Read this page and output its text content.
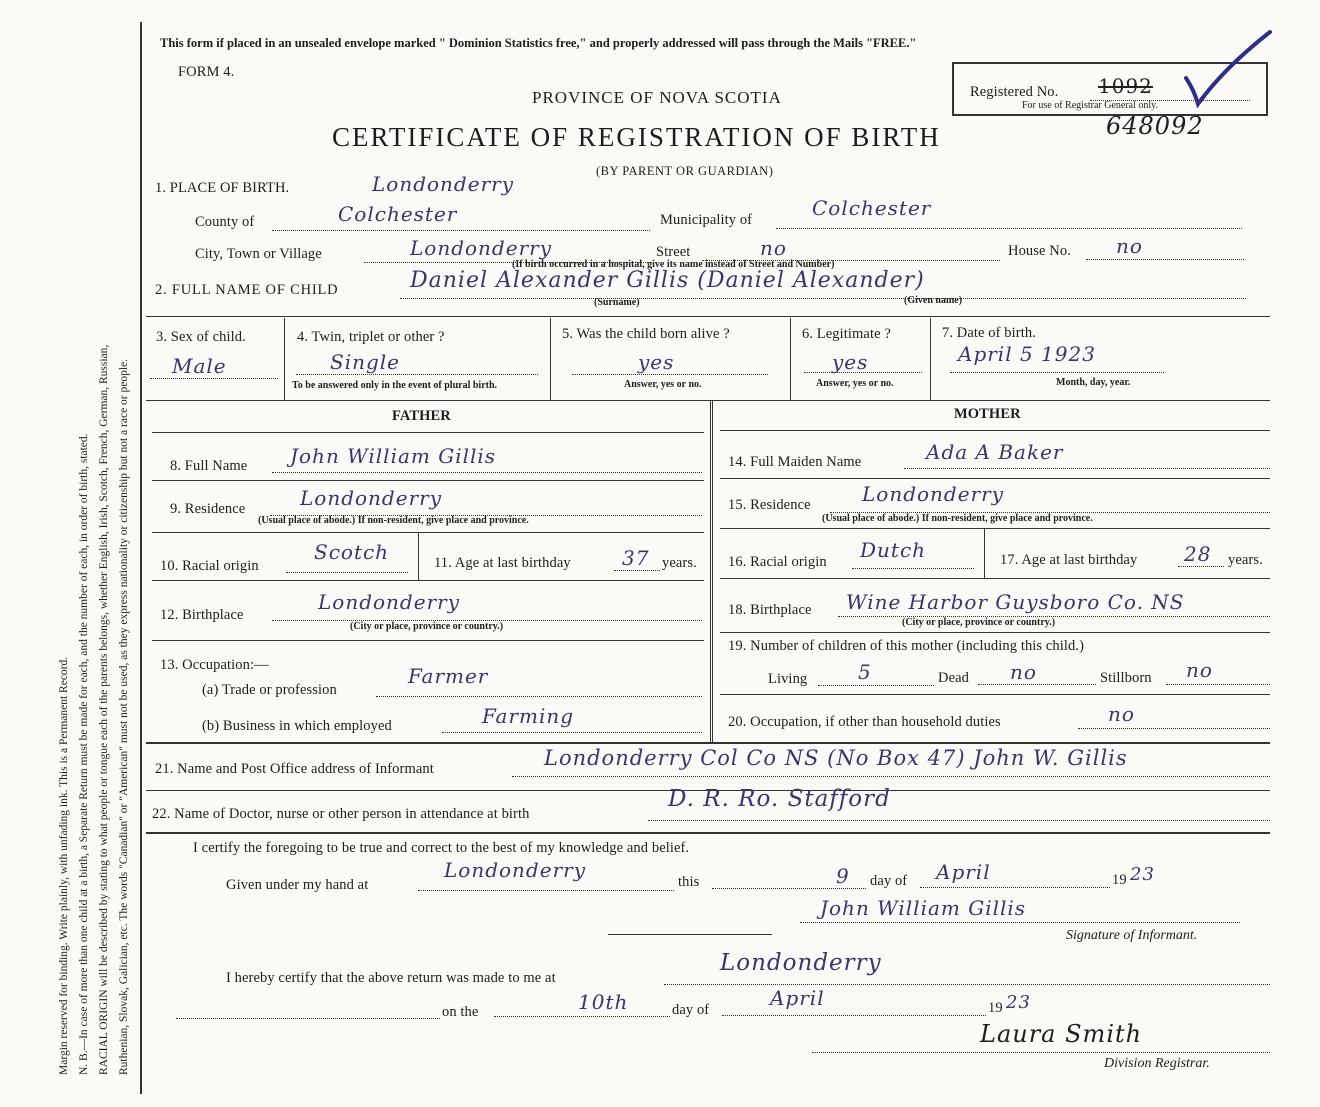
Margin reserved for binding. Write plainly, with unfading ink. This is a Permanent Record. N. B.—In case of more than one child at a birth, a Separate Return must be made for each, and the number of each, in order of birth, stated. RACIAL ORIGIN will be described by stating to what people or tongue each of the parents belongs, whether English, Irish, Scotch, French, German, Russian, Ruthenian, Slovak, Galician, etc. The words "Canadian" or "American" must not be used, as they express nationality or citizenship but not a race or people.
This form if placed in an unsealed envelope marked " Dominion Statistics free," and properly addressed will pass through the Mails "FREE."
FORM 4.
PROVINCE OF NOVA SCOTIA
CERTIFICATE OF REGISTRATION OF BIRTH
(BY PARENT OR GUARDIAN)
Registered No. 1092
For use of Registrar General only.
648092
1. PLACE OF BIRTH.	Londonderry
County of	Colchester	Municipality of	Colchester
City, Town or Village	Londonderry	Street	no	House No. no
(If birth occurred in a hospital, give its name instead of Street and Number)
2. FULL NAME OF CHILD	Daniel Alexander Gillis (Daniel Alexander)
(Surname)	(Given name)
3. Sex of child.
Male
4. Twin, triplet or other ?
Single
To be answered only in the event of plural birth.
5. Was the child born alive ?
yes
Answer, yes or no.
6. Legitimate ?
yes
Answer, yes or no.
7. Date of birth.
April 5 1923
Month, day, year.
FATHER	MOTHER
8. Full Name John William Gillis
9. Residence	Londonderry
(Usual place of abode.) If non-resident, give place and province.
10. Racial origin
Scotch	11. Age at last birthday	37 years.
12. Birthplace
Londonderry
(City or place, province or country.)
13. Occupation:—
(a) Trade or profession
Farmer
(b) Business in which employed	Farming
14. Full Maiden Name	Ada A Baker
15. Residence	Londonderry
(Usual place of abode.) If non-resident, give place and province.
16. Racial origin Dutch	17. Age at last birthday 28 years.
18. Birthplace Wine Harbor Guysboro Co. NS
(City or place, province or country.)
19. Number of children of this mother (including this child.)
Living	5	Dead no	Stillborn no
20. Occupation, if other than household duties	no
21. Name and Post Office address of Informant	Londonderry Col Co NS (No Box 47) John W. Gillis
22. Name of Doctor, nurse or other person in attendance at birth
D. R. Ro. Stafford
I certify the foregoing to be true and correct to the best of my knowledge and belief.
Given under my hand at
Londonderry	this	9 day of April	19 23
John William Gillis
Signature of Informant.
I hereby certify that the above return was made to me at
Londonderry
on the	10th	day of	April	19 23
Laura Smith
Division Registrar.
